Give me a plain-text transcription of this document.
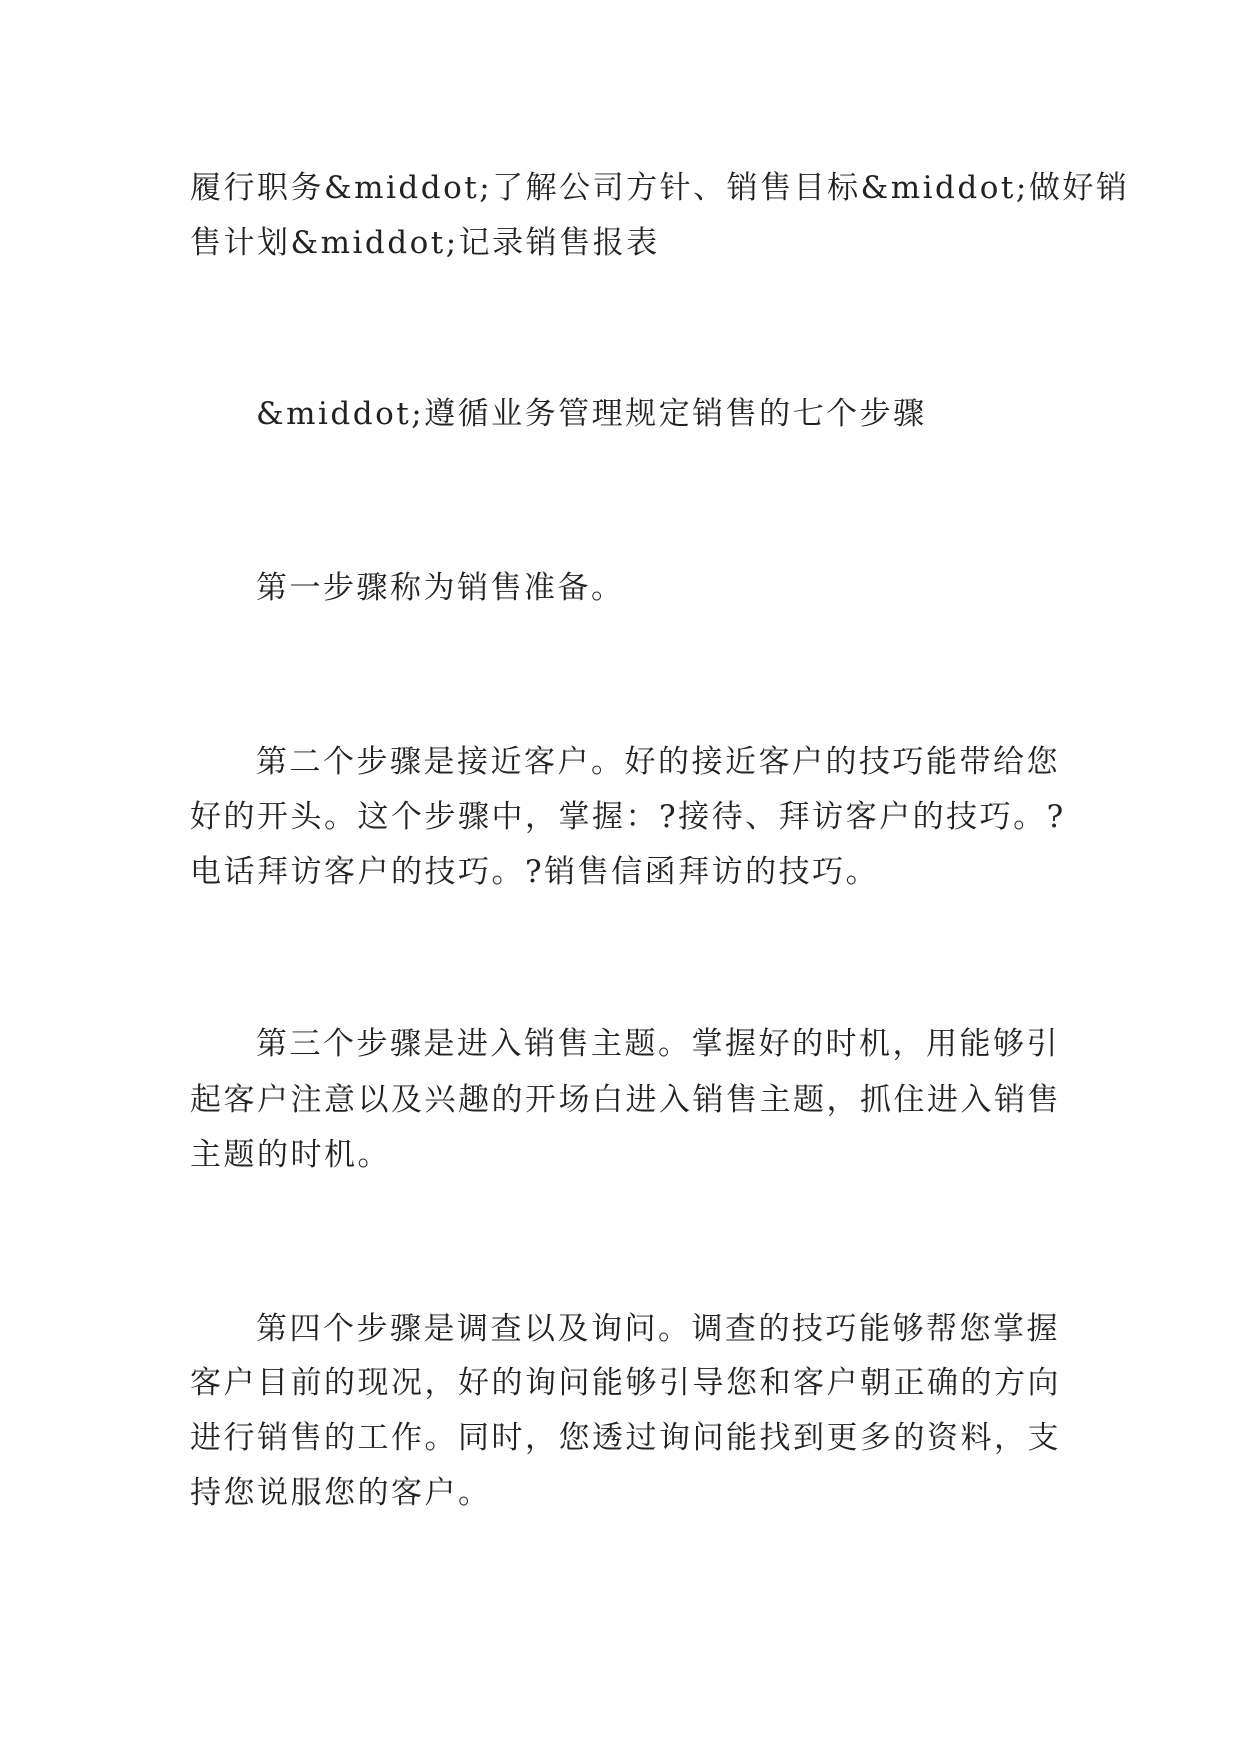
履行职务&middot;了解公司方针、销售目标&middot;做好销

售计划&middot;记录销售报表

&middot;遵循业务管理规定销售的七个步骤

第一步骤称为销售准备。

第二个步骤是接近客户。好的接近客户的技巧能带给您

好的开头。这个步骤中，掌握：?接待、拜访客户的技巧。?

电话拜访客户的技巧。?销售信函拜访的技巧。

第三个步骤是进入销售主题。掌握好的时机，用能够引

起客户注意以及兴趣的开场白进入销售主题，抓住进入销售

主题的时机。

第四个步骤是调查以及询问。调查的技巧能够帮您掌握

客户目前的现况，好的询问能够引导您和客户朝正确的方向

进行销售的工作。同时，您透过询问能找到更多的资料，支

持您说服您的客户。
